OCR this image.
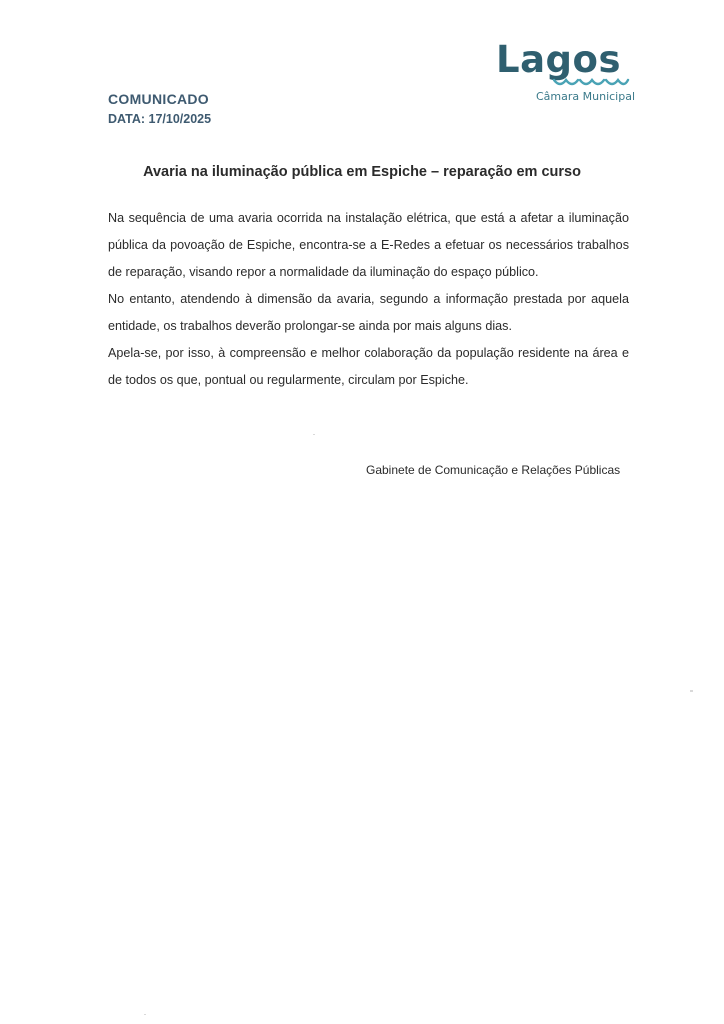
Lagos
Câmara Municipal
COMUNICADO
DATA: 17/10/2025
Avaria na iluminação pública em Espiche – reparação em curso

Na sequência de uma avaria ocorrida na instalação elétrica, que está a afetar a iluminação pública da povoação de Espiche, encontra-se a E-Redes a efetuar os necessários trabalhos de reparação, visando repor a normalidade da iluminação do espaço público.

No entanto, atendendo à dimensão da avaria, segundo a informação prestada por aquela entidade, os trabalhos deverão prolongar-se ainda por mais alguns dias.

Apela-se, por isso, à compreensão e melhor colaboração da população residente na área e de todos os que, pontual ou regularmente, circulam por Espiche.

Gabinete de Comunicação e Relações Públicas
